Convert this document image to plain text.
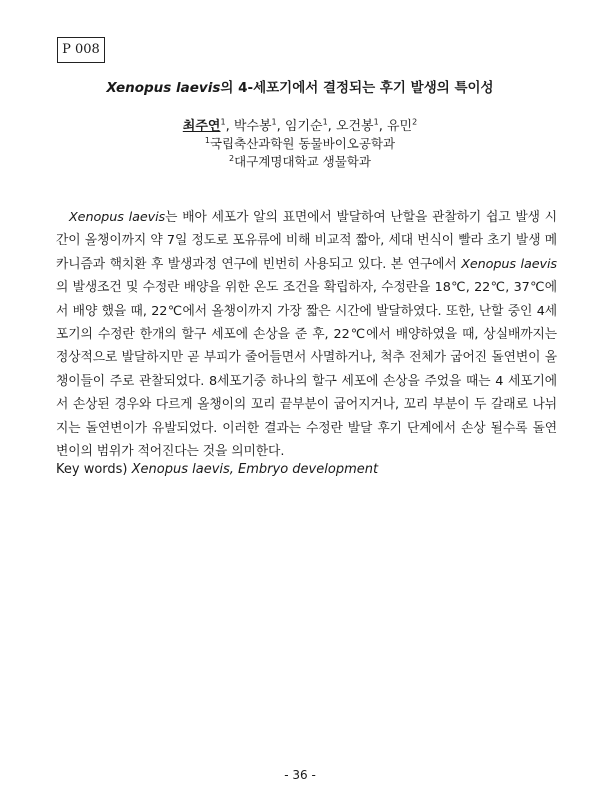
P 008
Xenopus laevis의 4-세포기에서 결정되는 후기 발생의 특이성
최주연$^1$, 박수봉$^1$, 임기순$^1$, 오건봉$^1$, 유민$^2$
$^1$국립축산과학원 동물바이오공학과
$^2$대구계명대학교 생물학과
Xenopus laevis는 배아 세포가 알의 표면에서 발달하여 난할을 관찰하기 쉽고 발생 시간이 올챙이까지 약 7일 정도로 포유류에 비해 비교적 짧아, 세대 번식이 빨라 초기 발생 메카니즘과 핵치환 후 발생과정 연구에 빈번히 사용되고 있다. 본 연구에서 Xenopus laevis의 발생조건 및 수정란 배양을 위한 온도 조건을 확립하자, 수정란을 18℃, 22℃, 37℃에서 배양 했을 때, 22℃에서 올챙이까지 가장 짧은 시간에 발달하였다. 또한, 난할 중인 4세포기의 수정란 한개의 할구 세포에 손상을 준 후, 22℃에서 배양하였을 때, 상실배까지는 정상적으로 발달하지만 곧 부피가 줄어들면서 사멸하거나, 척추 전체가 굽어진 돌연변이 올챙이들이 주로 관찰되었다. 8세포기중 하나의 할구 세포에 손상을 주었을 때는 4 세포기에서 손상된 경우와 다르게 올챙이의 꼬리 끝부분이 굽어지거나, 꼬리 부분이 두 갈래로 나뉘지는 돌연변이가 유발되었다. 이러한 결과는 수정란 발달 후기 단계에서 손상 될수록 돌연변이의 범위가 적어진다는 것을 의미한다.
Key words) Xenopus laevis, Embryo development
- 36 -
